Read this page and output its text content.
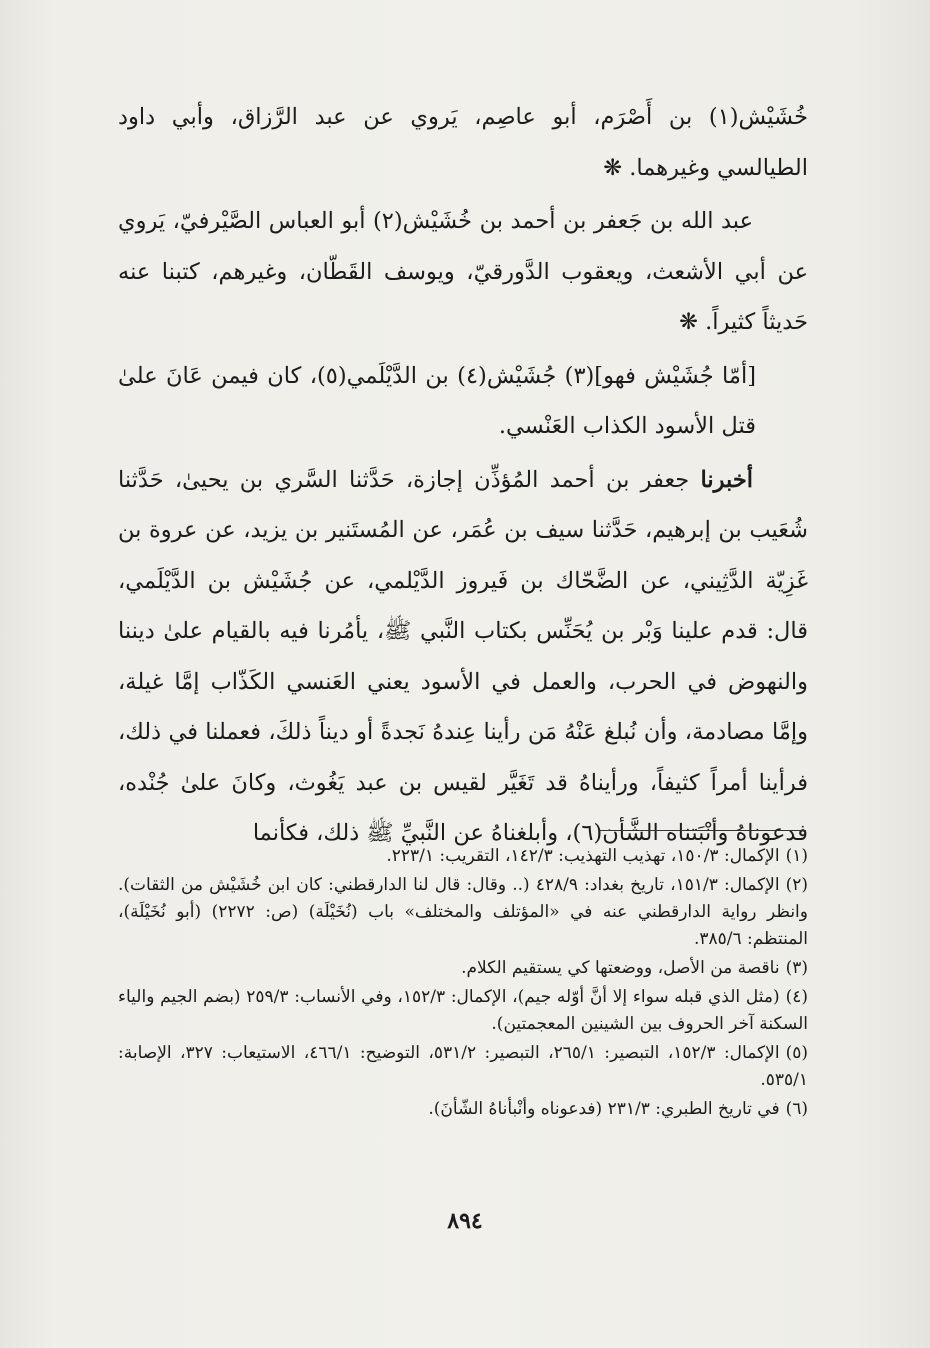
خُشَيْش(١) بن أَصْرَم، أبو عاصِم، يَروي عن عبد الرَّزاق، وأبي داود الطيالسي وغيرهما. ❋

عبد الله بن جَعفر بن أحمد بن خُشَيْش(٢) أبو العباس الصَّيْرفيّ، يَروي عن أبي الأشعث، ويعقوب الدَّورقيّ، ويوسف القَطّان، وغيرهم، كتبنا عنه حَديثاً كثيراً. ❋

[أمّا جُشَيْش فهو](٣) جُشَيْش(٤) بن الدَّيْلَمي(٥)، كان فيمن عَانَ علىٰ قتل الأسود الكذاب العَنْسي.

أخبرنا جعفر بن أحمد المُؤذِّن إجازة، حَدَّثنا السَّري بن يحيىٰ، حَدَّثنا شُعَيب بن إبرهيم، حَدَّثنا سيف بن عُمَر، عن المُستَنير بن يزيد، عن عروة بن غَزِيّة الدَّثِيني، عن الضَّحّاك بن فَيروز الدَّيْلمي، عن جُشَيْش بن الدَّيْلَمي، قال: قدم علينا وَبْر بن يُحَنِّس بكتاب النَّبي ﷺ، يأمُرنا فيه بالقيام علىٰ ديننا والنهوض في الحرب، والعمل في الأسود يعني العَنسي الكَذّاب إمَّا غيلة، وإمَّا مصادمة، وأن نُبلغ عَنْهُ مَن رأينا عِندهُ نَجدةً أو ديناً ذلكَ، فعملنا في ذلك، فرأينا أمراً كثيفاً، ورأيناهُ قد تَغَيَّر لقيس بن عبد يَغُوث، وكانَ علىٰ جُنْده، فدعوناهُ وأنْبَتناه الشَّأن(٦)، وأبلغناهُ عن النَّبيِّ ﷺ ذلك، فكأنما

(١)الإكمال: ١٥٠/٣، تهذيب التهذيب: ١٤٢/٣، التقريب: ٢٢٣/١.

(٢)الإكمال: ١٥١/٣، تاريخ بغداد: ٤٢٨/٩ (.. وقال: قال لنا الدارقطني: كان ابن خُشَيْش من الثقات). وانظر رواية الدارقطني عنه في «المؤتلف والمختلف» باب (نُخَيْلَة) (ص: ٢٢٧٢) (أبو نُخَيْلَة)، المنتظم: ٣٨٥/٦.

(٣)ناقصة من الأصل، ووضعتها كي يستقيم الكلام.

(٤)(مثل الذي قبله سواء إلا أنَّ أوّله جيم)، الإكمال: ١٥٢/٣، وفي الأنساب: ٢٥٩/٣ (بضم الجيم والياء السكنة آخر الحروف بين الشينين المعجمتين).

(٥)الإكمال: ١٥٢/٣، التبصير: ٢٦٥/١، التبصير: ٥٣١/٢، التوضيح: ٤٦٦/١، الاستيعاب: ٣٢٧، الإصابة: ٥٣٥/١.

(٦)في تاريخ الطبري: ٢٣١/٣ (فدعوناه وأنْبأناهُ الشّأنَ).

٨٩٤
